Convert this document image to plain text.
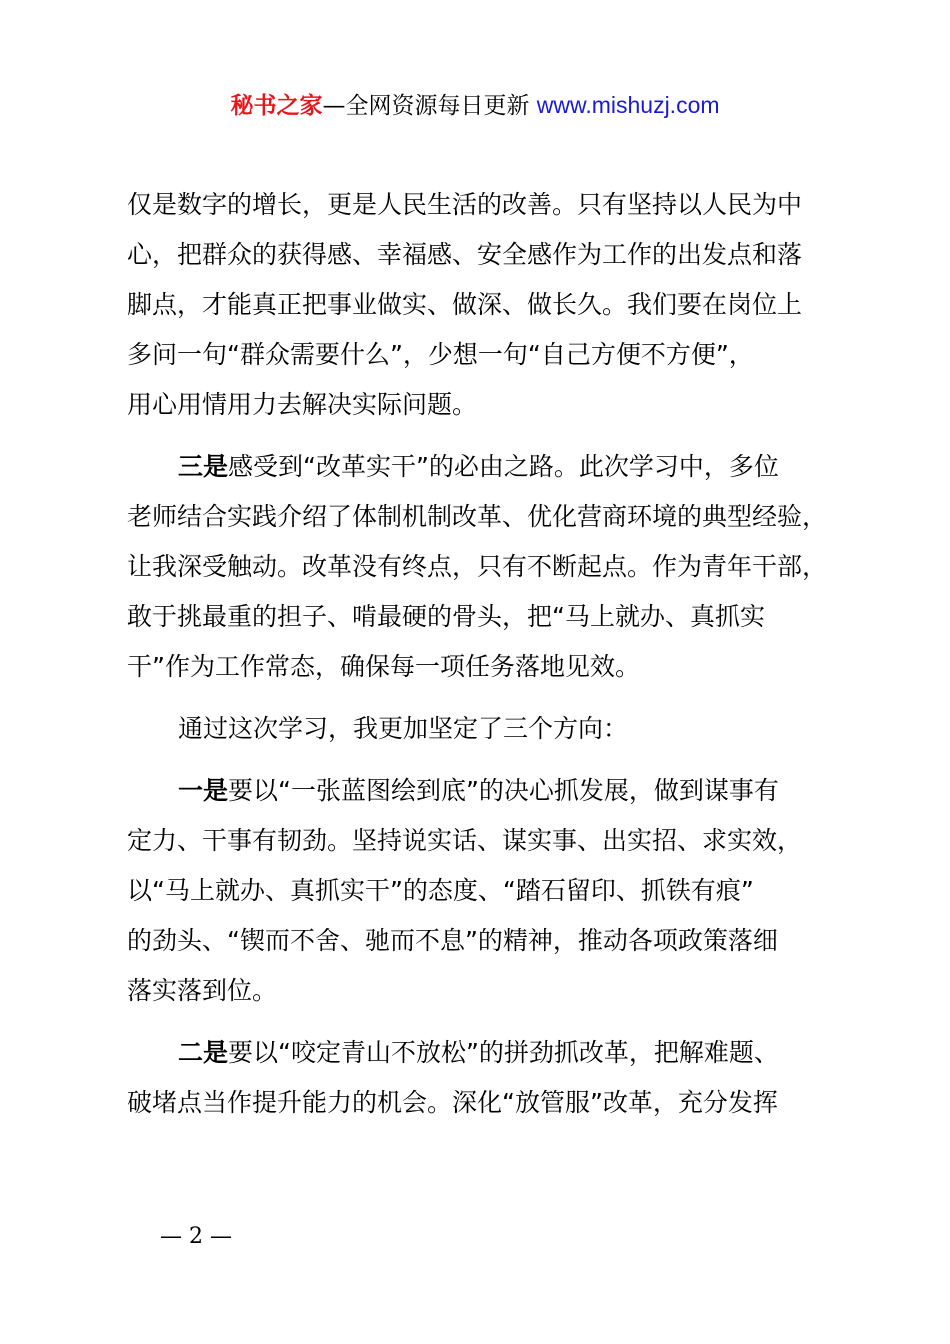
秘书之家—全网资源每日更新 www.mishuzj.com
仅是数字的增长，更是人民生活的改善。只有坚持以人民为中
心，把群众的获得感、幸福感、安全感作为工作的出发点和落
脚点，才能真正把事业做实、做深、做长久。我们要在岗位上
多问一句“群众需要什么”，少想一句“自己方便不方便”，
用心用情用力去解决实际问题。
三是感受到“改革实干”的必由之路。此次学习中，多位
老师结合实践介绍了体制机制改革、优化营商环境的典型经验，
让我深受触动。改革没有终点，只有不断起点。作为青年干部，
敢于挑最重的担子、啃最硬的骨头，把“马上就办、真抓实
干”作为工作常态，确保每一项任务落地见效。
通过这次学习，我更加坚定了三个方向：
一是要以“一张蓝图绘到底”的决心抓发展，做到谋事有
定力、干事有韧劲。坚持说实话、谋实事、出实招、求实效，
以“马上就办、真抓实干”的态度、“踏石留印、抓铁有痕”
的劲头、“锲而不舍、驰而不息”的精神，推动各项政策落细
落实落到位。
二是要以“咬定青山不放松”的拼劲抓改革，把解难题、
破堵点当作提升能力的机会。深化“放管服”改革，充分发挥
— 2 —
